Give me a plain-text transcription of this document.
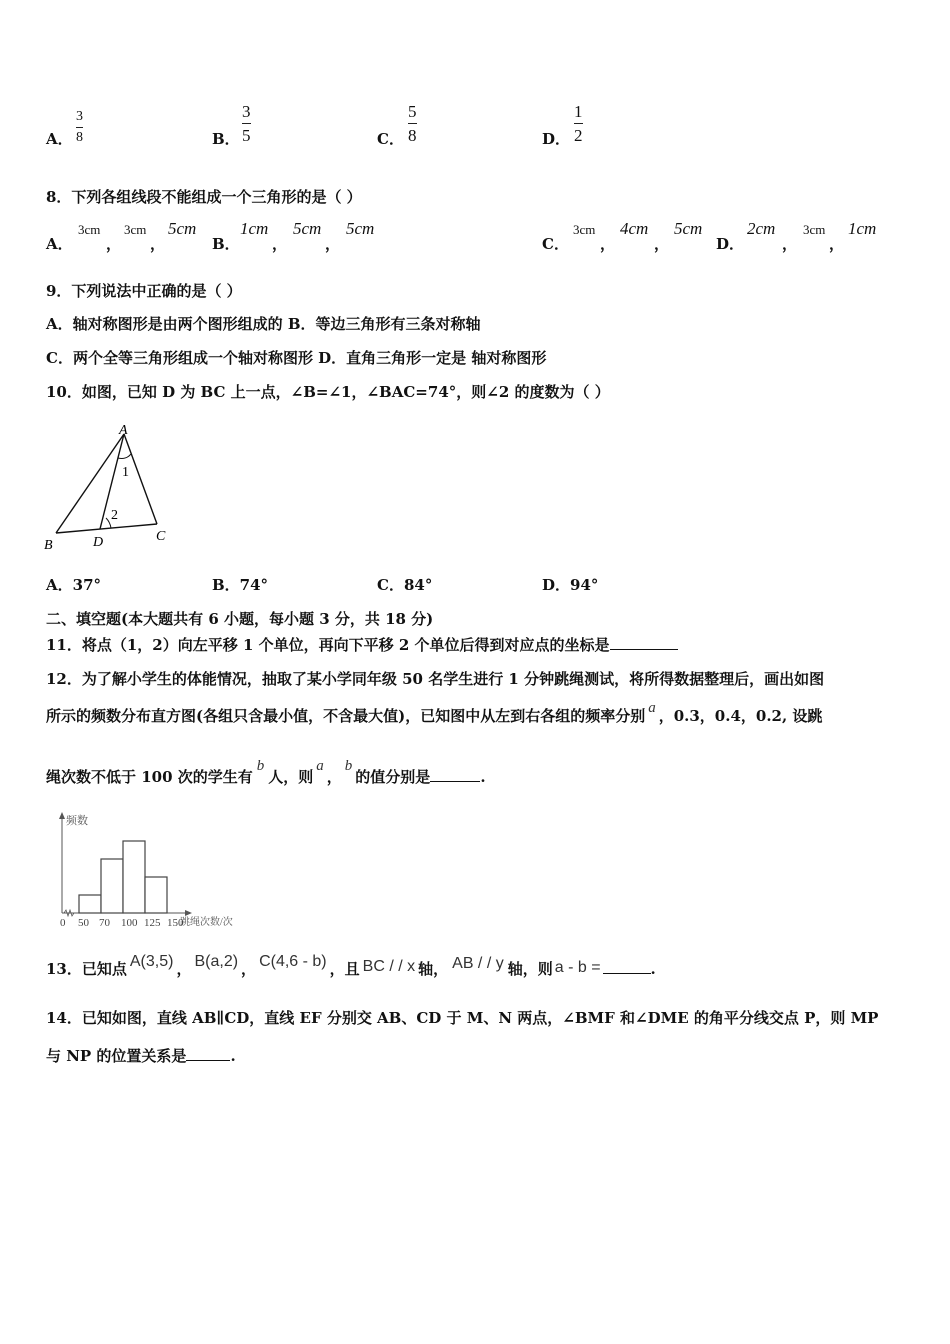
A．
3
8	B．
3
5	C．
5
8	D．
1
2
8．下列各组线段不能组成一个三角形的是（ ）
A．
3cm
，
3cm
，
5cm
B．
1cm
，
5cm
，
5cm
C．
3cm
，
4cm
，
5cm
D．
2cm
，
3cm
，
1cm
9．下列说法中正确的是（ ）
A．轴对称图形是由两个图形组成的 B．等边三角形有三条对称轴
C．两个全等三角形组成一个轴对称图形 D．直角三角形一定是 轴对称图形
10．如图，已知 D 为 BC 上一点，∠B=∠1，∠BAC=74°，则∠2 的度数为（ ）
A
B
C
D
1
2
A．37°	B．74°	C．84°	D．94°
二、填空题(本大题共有 6 小题，每小题 3 分，共 18 分)
11．将点（1，2）向左平移 1 个单位，再向下平移 2 个单位后得到对应点的坐标是
12．为了解小学生的体能情况，抽取了某小学同年级 50 名学生进行 1 分钟跳绳测试，将所得数据整理后，画出如图
所示的频数分布直方图(各组只含最小值，不含最大值)，已知图中从左到右各组的频率分别 a ，0.3，0.4，0.2, 设跳
绳次数不低于 100 次的学生有b人，则a，b的值分别是	.
频数
跳绳次数/次
0 50 70 100 125 150
13．已知点 A(3,5) ， B(a,2) ， C(4,6 - b) ，且 BC / / x 轴， AB / / y 轴，则 a - b =	.
14．已知如图，直线 AB∥CD，直线 EF 分别交 AB、CD 于 M、N 两点，∠BMF 和∠DME 的角平分线交点 P，则 MP
与 NP 的位置关系是	.
